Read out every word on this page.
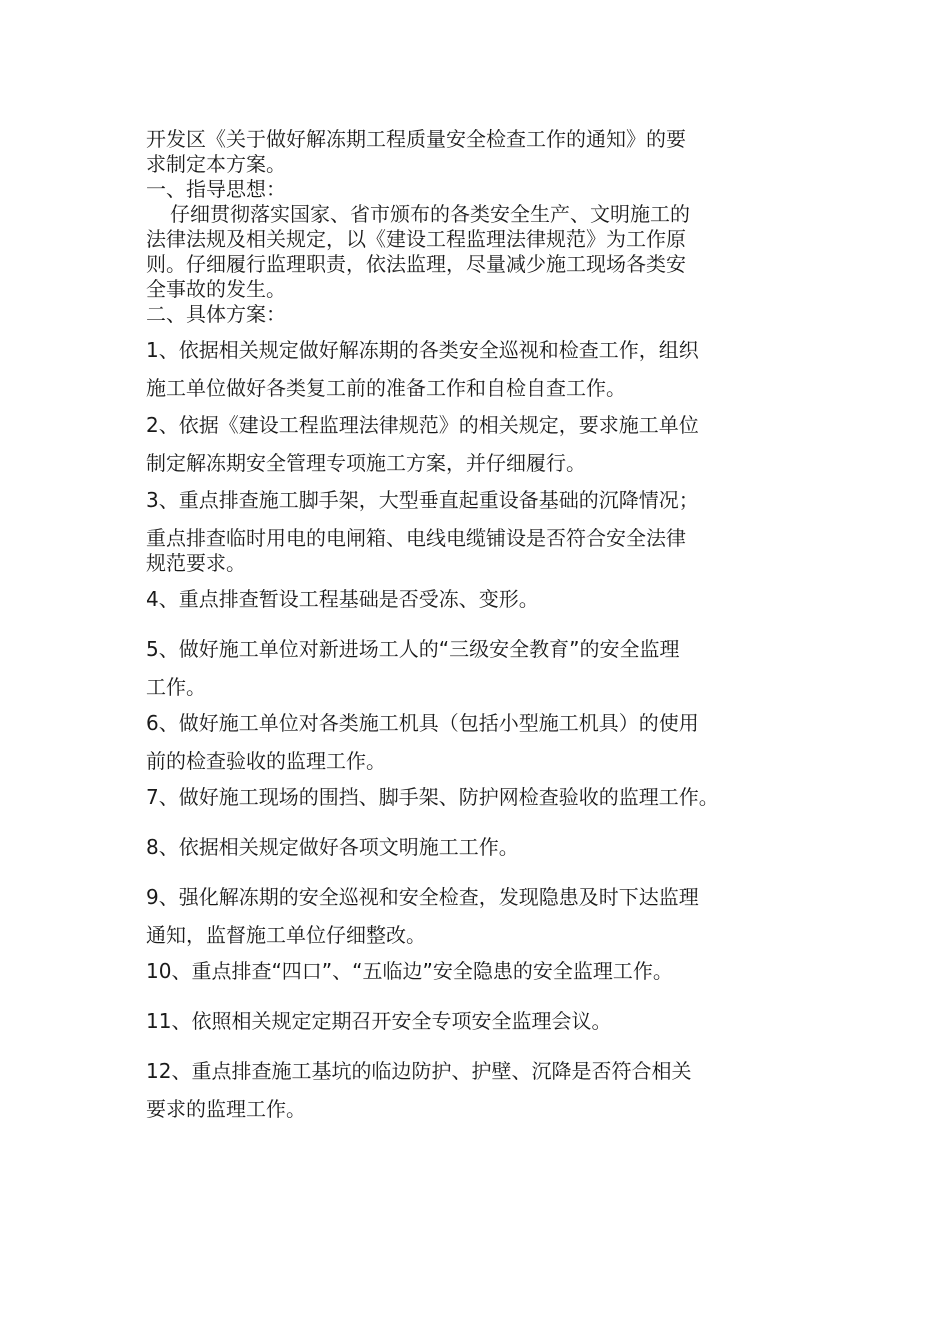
开发区《关于做好解冻期工程质量安全检查工作的通知》的要
求制定本方案。
一、指导思想：
仔细贯彻落实国家、省市颁布的各类安全生产、文明施工的
法律法规及相关规定，以《建设工程监理法律规范》为工作原
则。仔细履行监理职责，依法监理，尽量减少施工现场各类安
全事故的发生。
二、具体方案：
1、依据相关规定做好解冻期的各类安全巡视和检查工作，组织
施工单位做好各类复工前的准备工作和自检自查工作。
2、依据《建设工程监理法律规范》的相关规定，要求施工单位
制定解冻期安全管理专项施工方案，并仔细履行。
3、重点排查施工脚手架，大型垂直起重设备基础的沉降情况；
重点排查临时用电的电闸箱、电线电缆铺设是否符合安全法律
规范要求。
4、重点排查暂设工程基础是否受冻、变形。
5、做好施工单位对新进场工人的“三级安全教育”的安全监理
工作。
6、做好施工单位对各类施工机具（包括小型施工机具）的使用
前的检查验收的监理工作。
7、做好施工现场的围挡、脚手架、防护网检查验收的监理工作。
8、依据相关规定做好各项文明施工工作。
9、强化解冻期的安全巡视和安全检查，发现隐患及时下达监理
通知，监督施工单位仔细整改。
10、重点排查“四口”、“五临边”安全隐患的安全监理工作。
11、依照相关规定定期召开安全专项安全监理会议。
12、重点排查施工基坑的临边防护、护壁、沉降是否符合相关
要求的监理工作。
